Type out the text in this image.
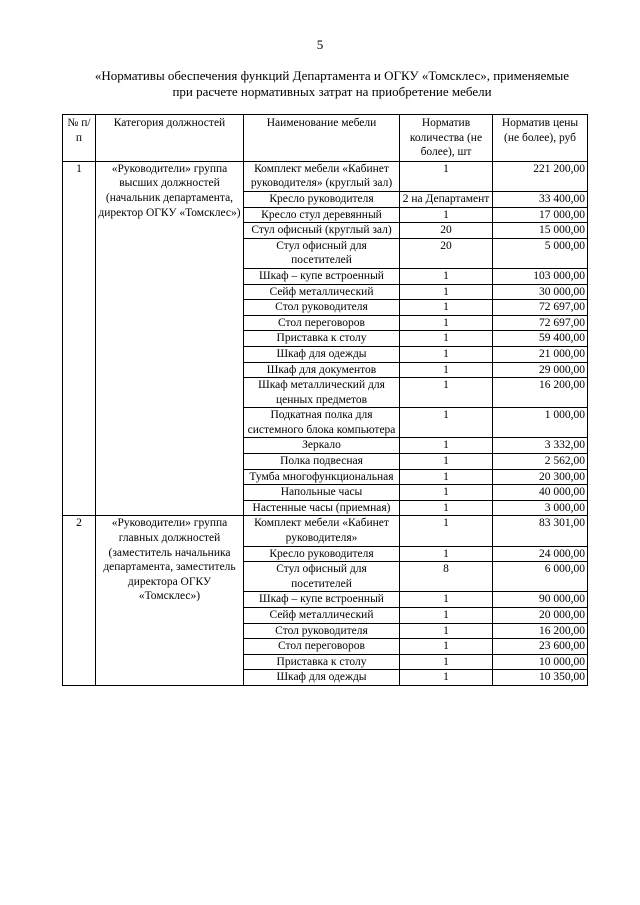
5
«Нормативы обеспечения функций Департамента и ОГКУ «Томсклес», применяемые
при расчете нормативных затрат на приобретение мебели
№ п/п	Категория должностей	Наименование мебели	Норматив количества (не более), шт	Норматив цены (не более), руб
1	«Руководители» группа высших должностей (начальник департамента, директор ОГКУ «Томсклес»)	Комплект мебели «Кабинет руководителя» (круглый зал)	1	221 200,00
		Кресло руководителя	2 на Департамент	33 400,00
		Кресло стул деревянный	1	17 000,00
		Стул офисный (круглый зал)	20	15 000,00
		Стул офисный для посетителей	20	5 000,00
		Шкаф – купе встроенный	1	103 000,00
		Сейф металлический	1	30 000,00
		Стол руководителя	1	72 697,00
		Стол переговоров	1	72 697,00
		Приставка к столу	1	59 400,00
		Шкаф для одежды	1	21 000,00
		Шкаф для документов	1	29 000,00
		Шкаф металлический для ценных предметов	1	16 200,00
		Подкатная полка для системного блока компьютера	1	1 000,00
		Зеркало	1	3 332,00
		Полка подвесная	1	2 562,00
		Тумба многофункциональная	1	20 300,00
		Напольные часы	1	40 000,00
		Настенные часы (приемная)	1	3 000,00
2	«Руководители» группа главных должностей (заместитель начальника департамента, заместитель директора ОГКУ «Томсклес»)	Комплект мебели «Кабинет руководителя»	1	83 301,00
		Кресло руководителя	1	24 000,00
		Стул офисный для посетителей	8	6 000,00
		Шкаф – купе встроенный	1	90 000,00
		Сейф металлический	1	20 000,00
		Стол руководителя	1	16 200,00
		Стол переговоров	1	23 600,00
		Приставка к столу	1	10 000,00
		Шкаф для одежды	1	10 350,00
